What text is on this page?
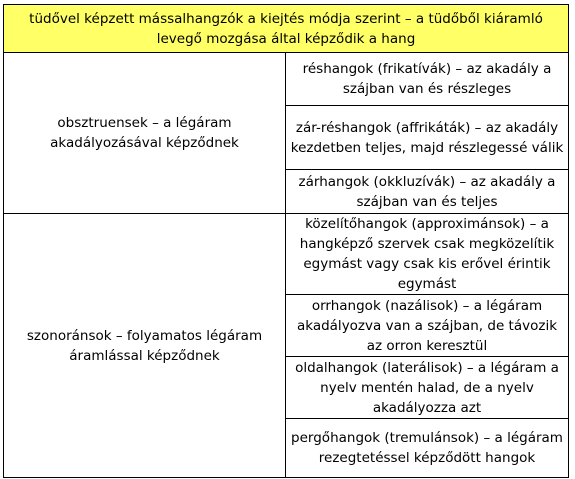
tüdővel képzett mássalhangzók a kiejtés módja szerint – a tüdőből kiáramló levegő mozgása által képződik a hang
obsztruensek – a légáram akadályozásával képződnek
réshangok (frikatívák) – az akadály a szájban van és részleges
zár-réshangok (affrikáták) – az akadály kezdetben teljes, majd részlegessé válik
zárhangok (okkluzívák) – az akadály a szájban van és teljes
szonoránsok – folyamatos légáram áramlással képződnek
közelítőhangok (approximánsok) – a hangképző szervek csak megközelítik egymást vagy csak kis erővel érintik egymást
orrhangok (nazálisok) – a légáram akadályozva van a szájban, de távozik az orron keresztül
oldalhangok (laterálisok) – a légáram a nyelv mentén halad, de a nyelv akadályozza azt
pergőhangok (tremulánsok) – a légáram rezegtetéssel képződött hangok
